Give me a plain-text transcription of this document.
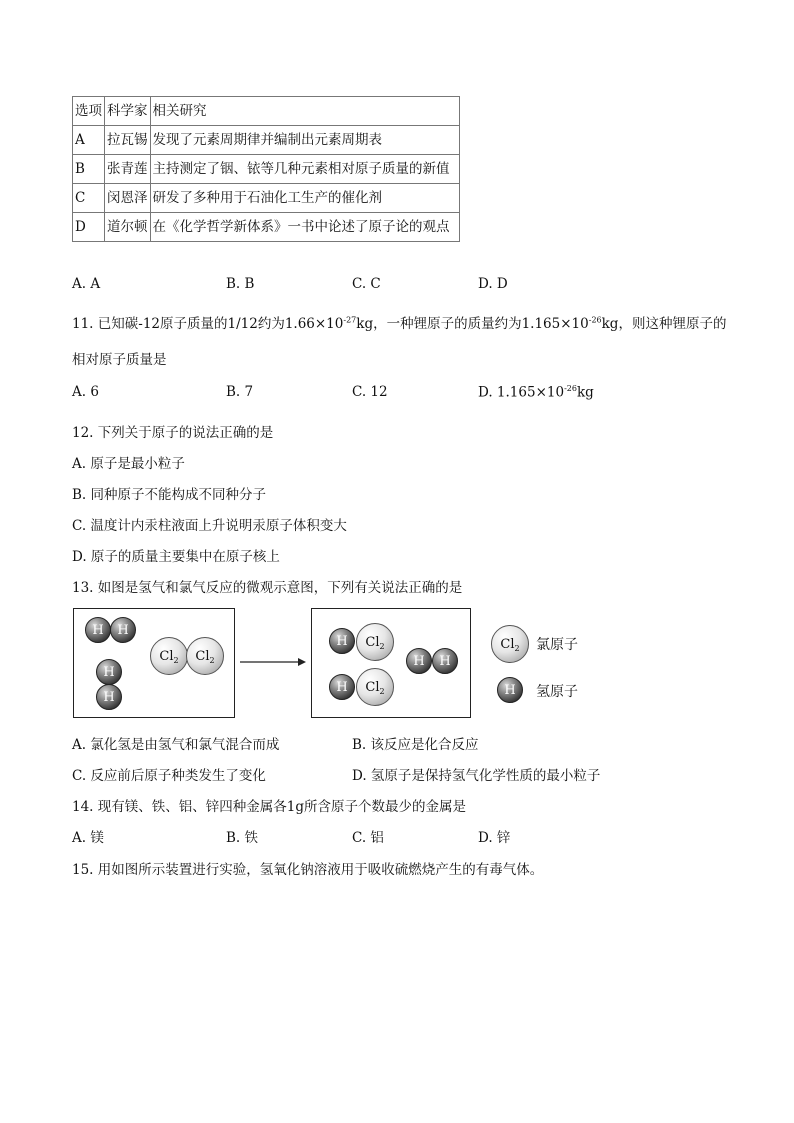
选项	科学家	相关研究
A	拉瓦锡	发现了元素周期律并编制出元素周期表
B	张青莲	主持测定了铟、铱等几种元素相对原子质量的新值
C	闵恩泽	研发了多种用于石油化工生产的催化剂
D	道尔顿	在《化学哲学新体系》一书中论述了原子论的观点
A. A	B. B	C. C	D. D
11. 已知碳-12原子质量的1/12约为$1.66\times 10^{-27}kg$，一种锂原子的质量约为$1.165\times 10^{-26}kg$，则这种锂原子的
相对原子质量是
A. 6	B. 7	C. 12	D. $1.165\times 10^{-26}kg$
12. 下列关于原子的说法正确的是
A. 原子是最小粒子
B. 同种原子不能构成不同种分子
C. 温度计内汞柱液面上升说明汞原子体积变大
D. 原子的质量主要集中在原子核上
13. 如图是氢气和氯气反应的微观示意图，下列有关说法正确的是
H	H
H
H
Cl 2 Cl 2
H	Cl 2
H	H
H	Cl 2
Cl 2 氯原子
H	氢原子
A. 氯化氢是由氢气和氯气混合而成	B. 该反应是化合反应
C. 反应前后原子种类发生了变化	D. 氢原子是保持氢气化学性质的最小粒子
14. 现有镁、铁、铝、锌四种金属各1g所含原子个数最少的金属是
A. 镁	B. 铁	C. 铝	D. 锌
15. 用如图所示装置进行实验，氢氧化钠溶液用于吸收硫燃烧产生的有毒气体。
